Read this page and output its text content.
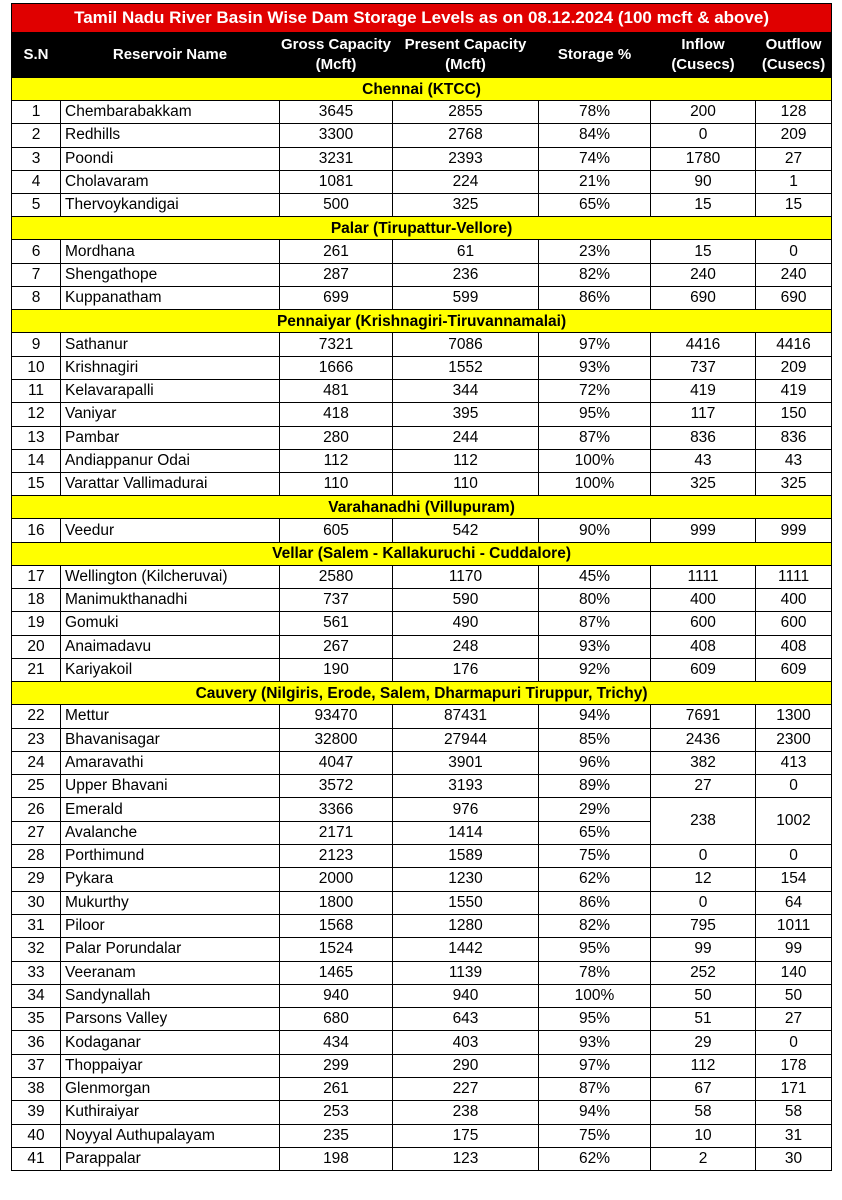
Tamil Nadu River Basin Wise Dam Storage Levels as on 08.12.2024 (100 mcft & above)						
S.N	Reservoir Name	Gross Capacity
(Mcft)	Present Capacity
(Mcft)	Storage %	Inflow
(Cusecs)	Outflow
(Cusecs)
Chennai (KTCC)						
1	Chembarabakkam	3645	2855	78%	200	128
2	Redhills	3300	2768	84%	0	209
3	Poondi	3231	2393	74%	1780	27
4	Cholavaram	1081	224	21%	90	1
5	Thervoykandigai	500	325	65%	15	15
Palar (Tirupattur-Vellore)						
6	Mordhana	261	61	23%	15	0
7	Shengathope	287	236	82%	240	240
8	Kuppanatham	699	599	86%	690	690
Pennaiyar (Krishnagiri-Tiruvannamalai)						
9	Sathanur	7321	7086	97%	4416	4416
10	Krishnagiri	1666	1552	93%	737	209
11	Kelavarapalli	481	344	72%	419	419
12	Vaniyar	418	395	95%	117	150
13	Pambar	280	244	87%	836	836
14	Andiappanur Odai	112	112	100%	43	43
15	Varattar Vallimadurai	110	110	100%	325	325
Varahanadhi (Villupuram)						
16	Veedur	605	542	90%	999	999
Vellar (Salem - Kallakuruchi - Cuddalore)						
17	Wellington (Kilcheruvai)	2580	1170	45%	1111	1111
18	Manimukthanadhi	737	590	80%	400	400
19	Gomuki	561	490	87%	600	600
20	Anaimadavu	267	248	93%	408	408
21	Kariyakoil	190	176	92%	609	609
Cauvery (Nilgiris, Erode, Salem, Dharmapuri Tiruppur, Trichy)						
22	Mettur	93470	87431	94%	7691	1300
23	Bhavanisagar	32800	27944	85%	2436	2300
24	Amaravathi	4047	3901	96%	382	413
25	Upper Bhavani	3572	3193	89%	27	0
26	Emerald	3366	976	29%	238	1002
27	Avalanche	2171	1414	65%		
28	Porthimund	2123	1589	75%	0	0
29	Pykara	2000	1230	62%	12	154
30	Mukurthy	1800	1550	86%	0	64
31	Piloor	1568	1280	82%	795	1011
32	Palar Porundalar	1524	1442	95%	99	99
33	Veeranam	1465	1139	78%	252	140
34	Sandynallah	940	940	100%	50	50
35	Parsons Valley	680	643	95%	51	27
36	Kodaganar	434	403	93%	29	0
37	Thoppaiyar	299	290	97%	112	178
38	Glenmorgan	261	227	87%	67	171
39	Kuthiraiyar	253	238	94%	58	58
40	Noyyal Authupalayam	235	175	75%	10	31
41	Parappalar	198	123	62%	2	30
